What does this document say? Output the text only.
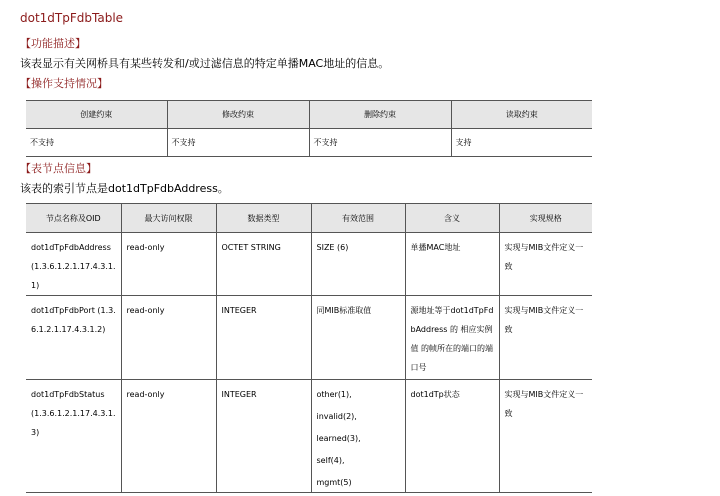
dot1dTpFdbTable
【功能描述】
该表显示有关网桥具有某些转发和/或过滤信息的特定单播MAC地址的信息。
【操作支持情况】
创建约束	修改约束	删除约束	读取约束
不支持	不支持	不支持	支持
【表节点信息】
该表的索引节点是dot1dTpFdbAddress。
节点名称及OID	最大访问权限	数据类型	有效范围	含义	实现规格
dot1dTpFdbAddress (1.3.6.1.2.1.17.4.3.1.1)	read-only	OCTET STRING	SIZE (6)	单播MAC地址	实现与MIB文件定义一致
dot1dTpFdbPort (1.3.6.1.2.1.17.4.3.1.2)	read-only	INTEGER	同MIB标准取值	源地址等于dot1dTpFdbAddress 的 相应实例值 的帧所在的端口的端口号	实现与MIB文件定义一致
dot1dTpFdbStatus (1.3.6.1.2.1.17.4.3.1.3)	read-only	INTEGER	other(1),
invalid(2),
learned(3),
self(4),
mgmt(5)	dot1dTp状态	实现与MIB文件定义一致
